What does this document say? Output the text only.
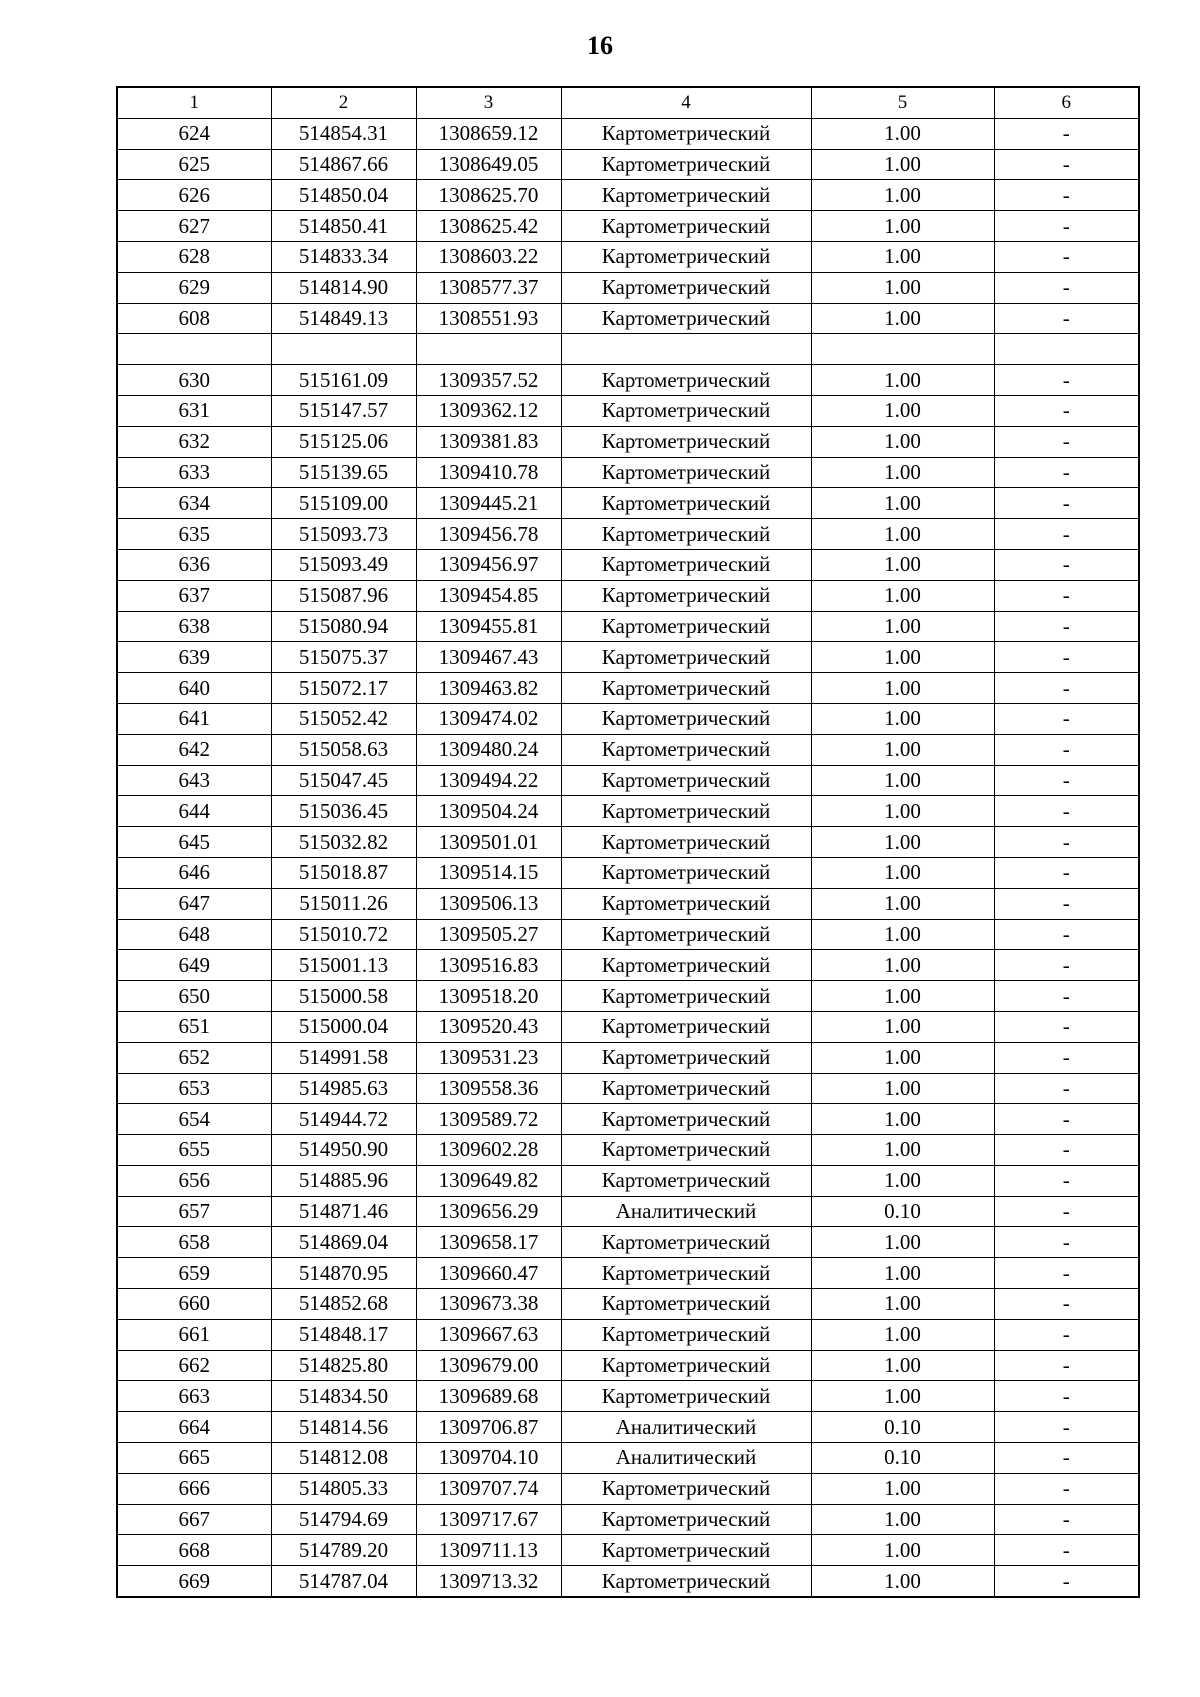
16
1	2	3	4	5	6
624	514854.31	1308659.12	Картометрический	1.00	-
625	514867.66	1308649.05	Картометрический	1.00	-
626	514850.04	1308625.70	Картометрический	1.00	-
627	514850.41	1308625.42	Картометрический	1.00	-
628	514833.34	1308603.22	Картометрический	1.00	-
629	514814.90	1308577.37	Картометрический	1.00	-
608	514849.13	1308551.93	Картометрический	1.00	-

630	515161.09	1309357.52	Картометрический	1.00	-
631	515147.57	1309362.12	Картометрический	1.00	-
632	515125.06	1309381.83	Картометрический	1.00	-
633	515139.65	1309410.78	Картометрический	1.00	-
634	515109.00	1309445.21	Картометрический	1.00	-
635	515093.73	1309456.78	Картометрический	1.00	-
636	515093.49	1309456.97	Картометрический	1.00	-
637	515087.96	1309454.85	Картометрический	1.00	-
638	515080.94	1309455.81	Картометрический	1.00	-
639	515075.37	1309467.43	Картометрический	1.00	-
640	515072.17	1309463.82	Картометрический	1.00	-
641	515052.42	1309474.02	Картометрический	1.00	-
642	515058.63	1309480.24	Картометрический	1.00	-
643	515047.45	1309494.22	Картометрический	1.00	-
644	515036.45	1309504.24	Картометрический	1.00	-
645	515032.82	1309501.01	Картометрический	1.00	-
646	515018.87	1309514.15	Картометрический	1.00	-
647	515011.26	1309506.13	Картометрический	1.00	-
648	515010.72	1309505.27	Картометрический	1.00	-
649	515001.13	1309516.83	Картометрический	1.00	-
650	515000.58	1309518.20	Картометрический	1.00	-
651	515000.04	1309520.43	Картометрический	1.00	-
652	514991.58	1309531.23	Картометрический	1.00	-
653	514985.63	1309558.36	Картометрический	1.00	-
654	514944.72	1309589.72	Картометрический	1.00	-
655	514950.90	1309602.28	Картометрический	1.00	-
656	514885.96	1309649.82	Картометрический	1.00	-
657	514871.46	1309656.29	Аналитический	0.10	-
658	514869.04	1309658.17	Картометрический	1.00	-
659	514870.95	1309660.47	Картометрический	1.00	-
660	514852.68	1309673.38	Картометрический	1.00	-
661	514848.17	1309667.63	Картометрический	1.00	-
662	514825.80	1309679.00	Картометрический	1.00	-
663	514834.50	1309689.68	Картометрический	1.00	-
664	514814.56	1309706.87	Аналитический	0.10	-
665	514812.08	1309704.10	Аналитический	0.10	-
666	514805.33	1309707.74	Картометрический	1.00	-
667	514794.69	1309717.67	Картометрический	1.00	-
668	514789.20	1309711.13	Картометрический	1.00	-
669	514787.04	1309713.32	Картометрический	1.00	-
